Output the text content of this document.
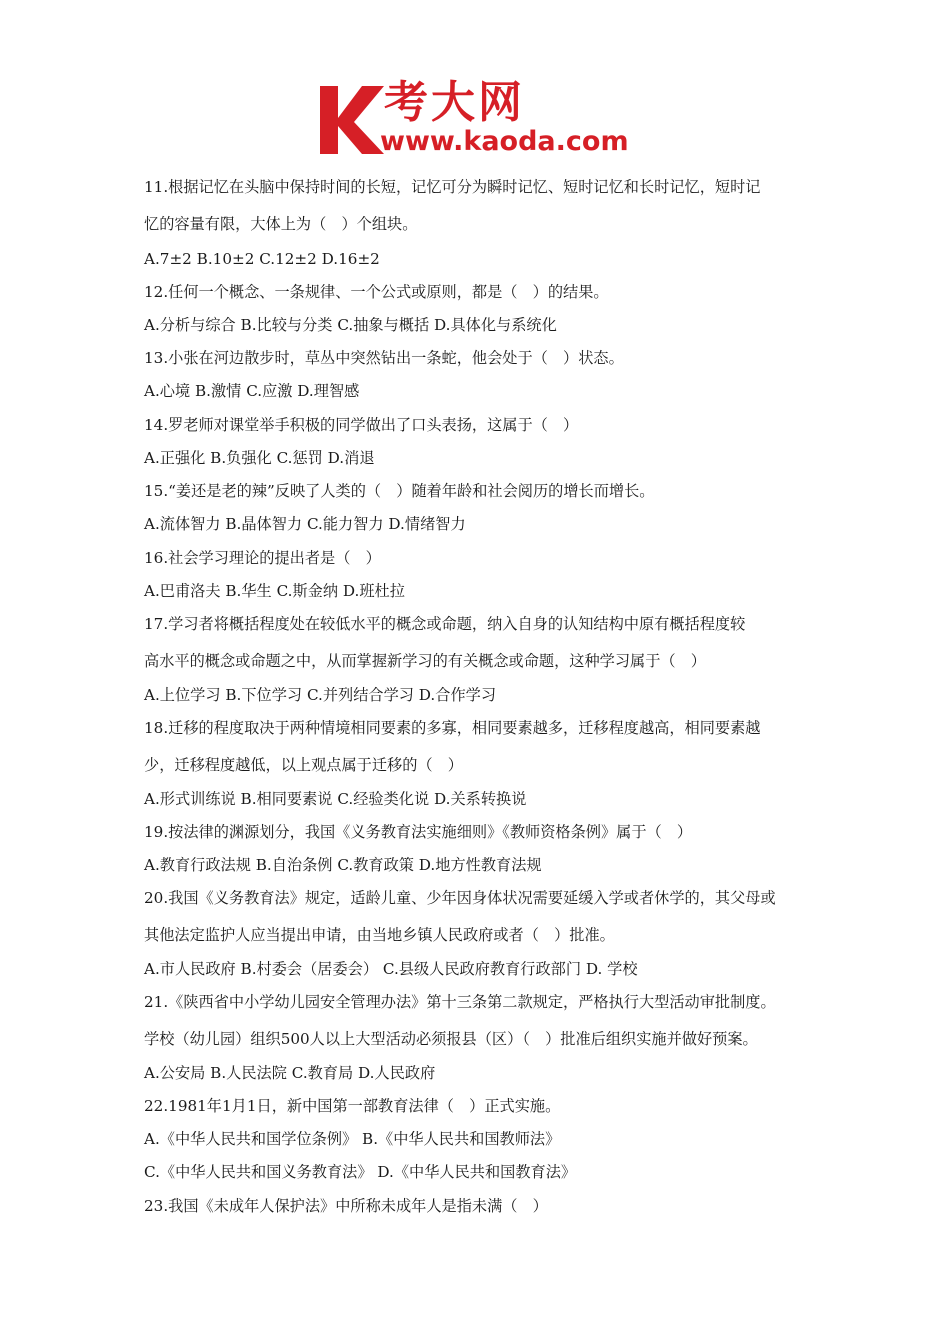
考大网
www.kaoda.com
11.根据记忆在头脑中保持时间的长短，记忆可分为瞬时记忆、短时记忆和长时记忆，短时记
忆的容量有限，大体上为（　）个组块。
A.7±2 B.10±2 C.12±2 D.16±2
12.任何一个概念、一条规律、一个公式或原则，都是（　）的结果。
A.分析与综合 B.比较与分类 C.抽象与概括 D.具体化与系统化
13.小张在河边散步时，草丛中突然钻出一条蛇，他会处于（　）状态。
A.心境 B.激情 C.应激 D.理智感
14.罗老师对课堂举手积极的同学做出了口头表扬，这属于（　）
A.正强化 B.负强化 C.惩罚 D.消退
15.“姜还是老的辣”反映了人类的（　）随着年龄和社会阅历的增长而增长。
A.流体智力 B.晶体智力 C.能力智力 D.情绪智力
16.社会学习理论的提出者是（　）
A.巴甫洛夫 B.华生 C.斯金纳 D.班杜拉
17.学习者将概括程度处在较低水平的概念或命题，纳入自身的认知结构中原有概括程度较
高水平的概念或命题之中，从而掌握新学习的有关概念或命题，这种学习属于（　）
A.上位学习 B.下位学习 C.并列结合学习 D.合作学习
18.迁移的程度取决于两种情境相同要素的多寡，相同要素越多，迁移程度越高，相同要素越
少，迁移程度越低，以上观点属于迁移的（　）
A.形式训练说 B.相同要素说 C.经验类化说 D.关系转换说
19.按法律的渊源划分，我国《义务教育法实施细则》《教师资格条例》属于（　）
A.教育行政法规 B.自治条例 C.教育政策 D.地方性教育法规
20.我国《义务教育法》规定，适龄儿童、少年因身体状况需要延缓入学或者休学的，其父母或
其他法定监护人应当提出申请，由当地乡镇人民政府或者（　）批准。
A.市人民政府 B.村委会（居委会） C.县级人民政府教育行政部门 D. 学校
21.《陕西省中小学幼儿园安全管理办法》第十三条第二款规定，严格执行大型活动审批制度。
学校（幼儿园）组织500人以上大型活动必须报县（区）（　）批准后组织实施并做好预案。
A.公安局 B.人民法院 C.教育局 D.人民政府
22.1981年1月1日，新中国第一部教育法律（　）正式实施。
A.《中华人民共和国学位条例》 B.《中华人民共和国教师法》
C.《中华人民共和国义务教育法》 D.《中华人民共和国教育法》
23.我国《未成年人保护法》中所称未成年人是指未满（　）
